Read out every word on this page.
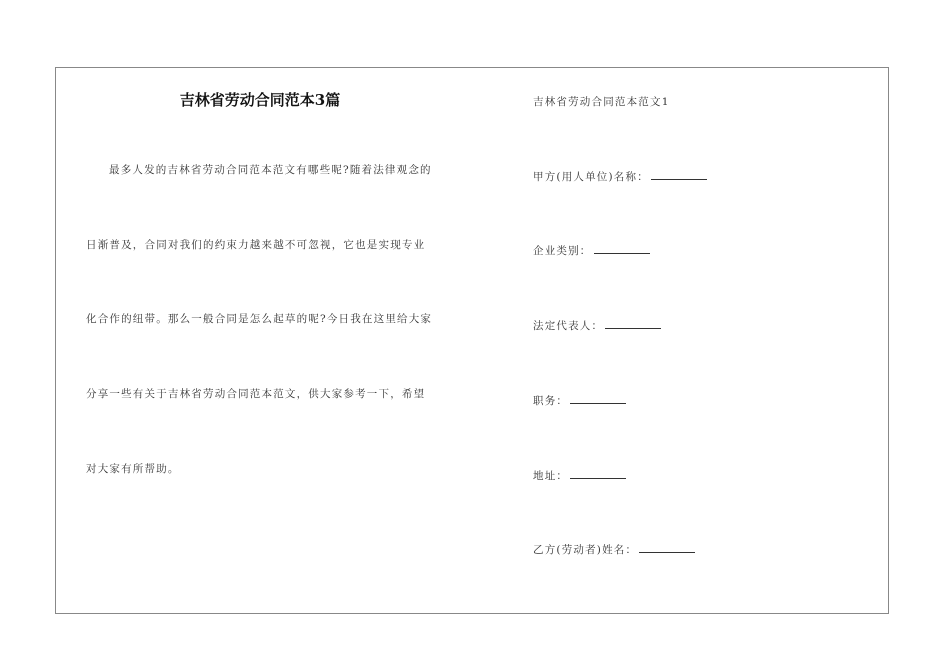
吉林省劳动合同范本3篇
最多人发的吉林省劳动合同范本范文有哪些呢?随着法律观念的
日渐普及，合同对我们的约束力越来越不可忽视，它也是实现专业
化合作的纽带。那么一般合同是怎么起草的呢?今日我在这里给大家
分享一些有关于吉林省劳动合同范本范文，供大家参考一下，希望
对大家有所帮助。
吉林省劳动合同范本范文1
甲方(用人单位)名称：
企业类别：
法定代表人：
职务：
地址：
乙方(劳动者)姓名：
